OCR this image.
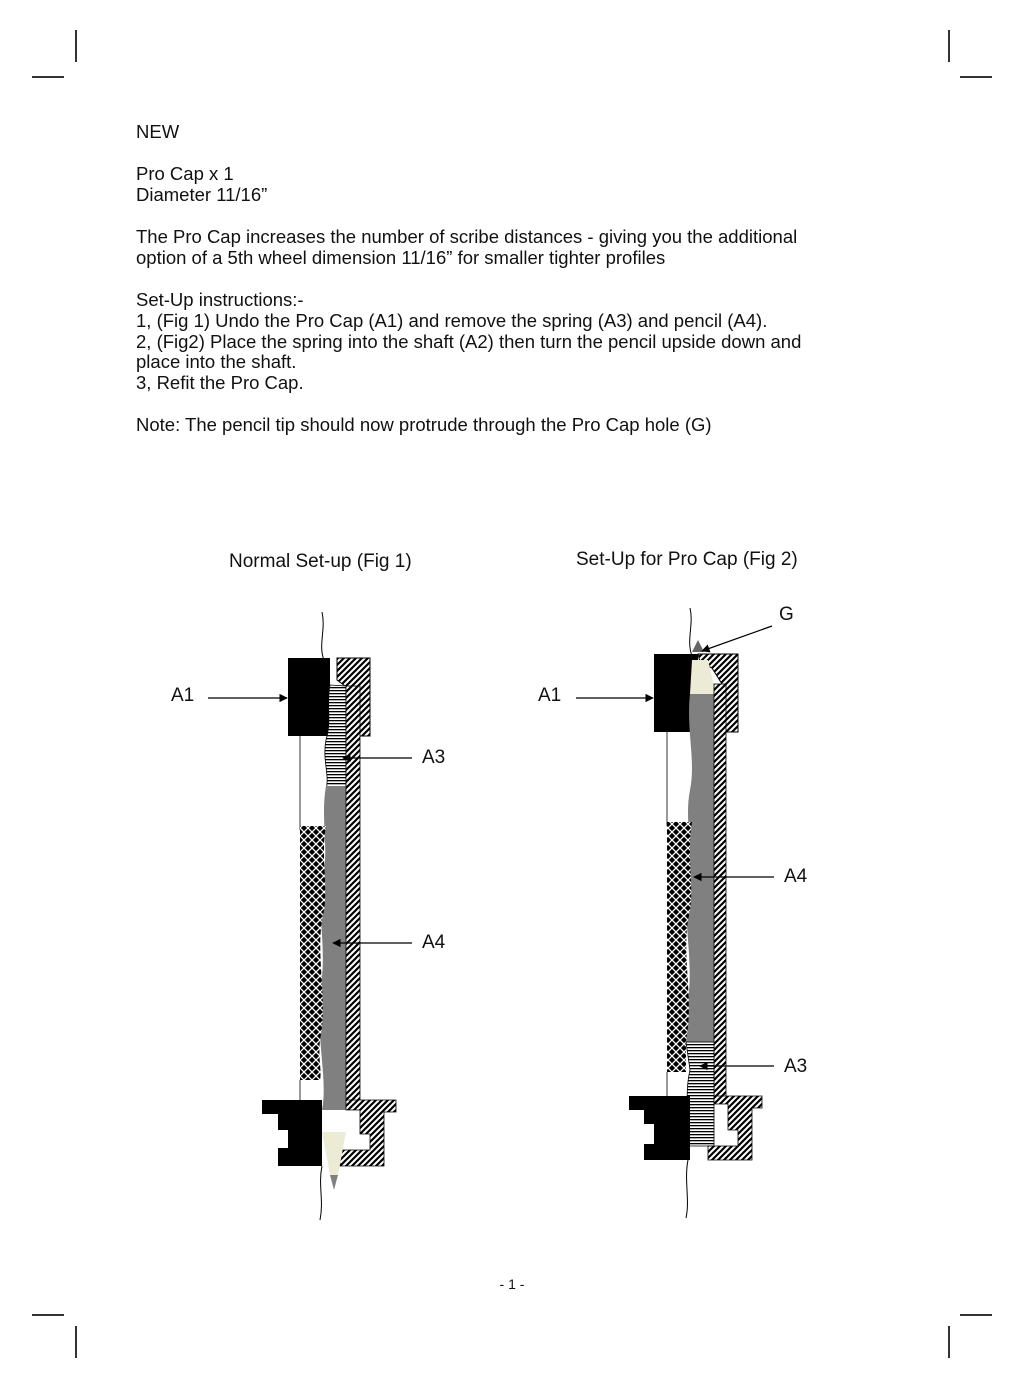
NEW
Pro Cap x 1
Diameter 11/16”
The Pro Cap increases the number of scribe distances - giving you the additional
option of a 5th wheel dimension 11/16” for smaller tighter profiles
Set-Up instructions:-
1, (Fig 1) Undo the Pro Cap (A1) and remove the spring (A3) and pencil (A4).
2, (Fig2) Place the spring into the shaft (A2) then turn the pencil upside down and
place into the shaft.
3, Refit the Pro Cap.
Note: The pencil tip should now protrude through the Pro Cap hole (G)
Normal Set-up (Fig 1)	Set-Up for Pro Cap (Fig 2)
A1
A3
A4
G
A1
A4
A3
- 1 -
